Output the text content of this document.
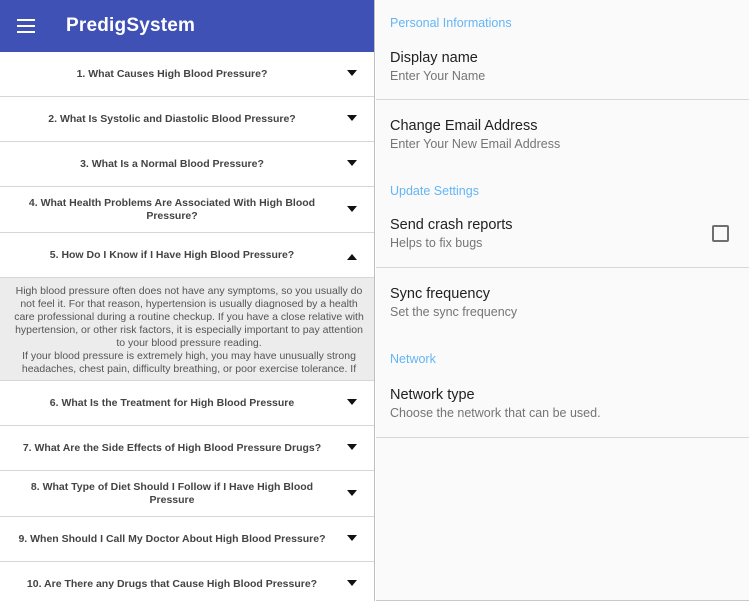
PredigSystem
1. What Causes High Blood Pressure?
2. What Is Systolic and Diastolic Blood Pressure?
3. What Is a Normal Blood Pressure?
4. What Health Problems Are Associated With High Blood Pressure?
5. How Do I Know if I Have High Blood Pressure?

High blood pressure often does not have any symptoms, so you usually do not feel it. For that reason, hypertension is usually diagnosed by a health care professional during a routine checkup. If you have a close relative with hypertension, or other risk factors, it is especially important to pay attention to your blood pressure reading.

If your blood pressure is extremely high, you may have unusually strong headaches, chest pain, difficulty breathing, or poor exercise tolerance. If

6. What Is the Treatment for High Blood Pressure
7. What Are the Side Effects of High Blood Pressure Drugs?
8. What Type of Diet Should I Follow if I Have High Blood Pressure
9. When Should I Call My Doctor About High Blood Pressure?
10. Are There any Drugs that Cause High Blood Pressure?
Personal Informations
Display name
Enter Your Name
Change Email Address
Enter Your New Email Address
Update Settings
Send crash reports
Helps to fix bugs
Sync frequency
Set the sync frequency
Network
Network type
Choose the network that can be used.
